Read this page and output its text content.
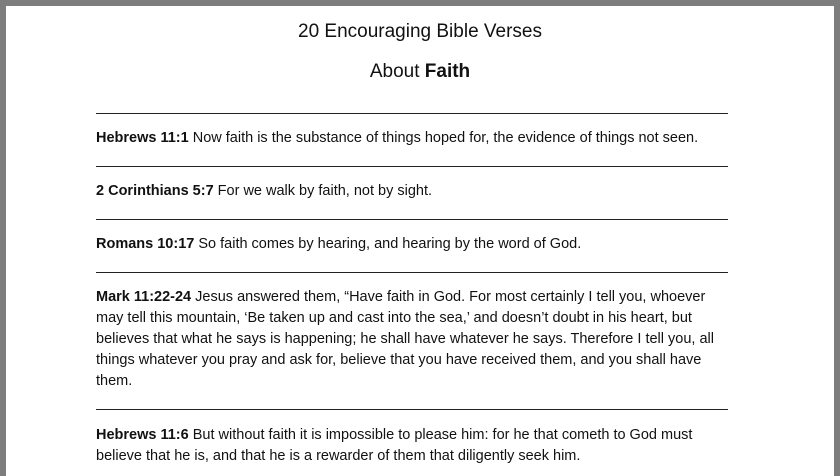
20 Encouraging Bible Verses
About Faith
Hebrews 11:1 Now faith is the substance of things hoped for, the evidence of things not seen.
2 Corinthians 5:7 For we walk by faith, not by sight.
Romans 10:17 So faith comes by hearing, and hearing by the word of God.
Mark 11:22-24 Jesus answered them, “Have faith in God. For most certainly I tell you, whoever may tell this mountain, ‘Be taken up and cast into the sea,’ and doesn’t doubt in his heart, but believes that what he says is happening; he shall have whatever he says. Therefore I tell you, all things whatever you pray and ask for, believe that you have received them, and you shall have them.
Hebrews 11:6 But without faith it is impossible to please him: for he that cometh to God must believe that he is, and that he is a rewarder of them that diligently seek him.
